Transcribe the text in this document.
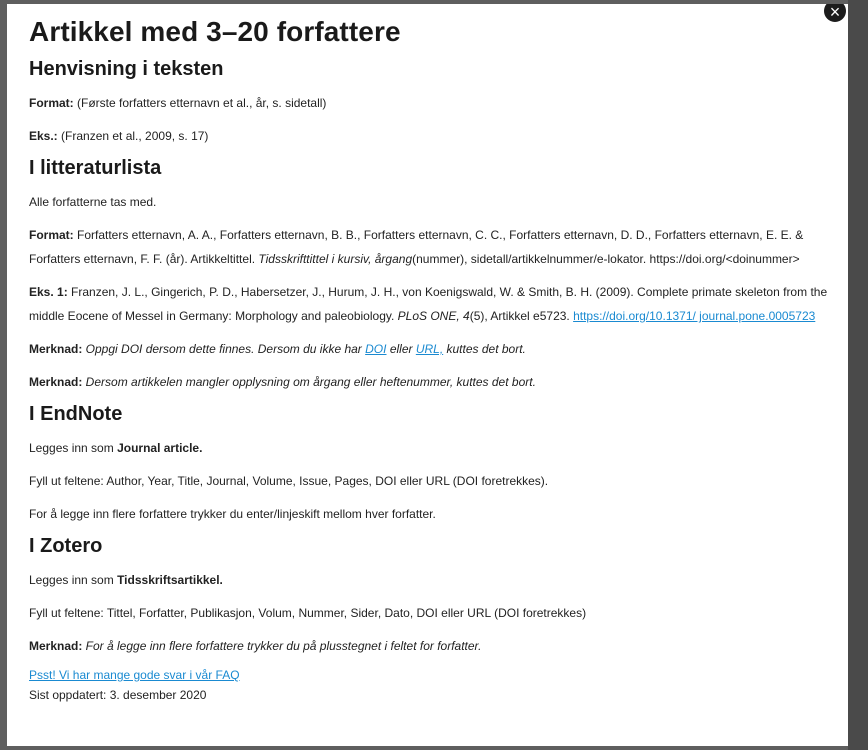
×
Artikkel med 3–20 forfattere
Henvisning i teksten

Format: (Første forfatters etternavn et al., år, s. sidetall)

Eks.: (Franzen et al., 2009, s. 17)

I litteraturlista

Alle forfatterne tas med.

Format: Forfatters etternavn, A. A., Forfatters etternavn, B. B., Forfatters etternavn, C. C., Forfatters etternavn, D. D., Forfatters etternavn, E. E. & Forfatters etternavn, F. F. (år). Artikkeltittel. Tidsskrifttittel i kursiv, årgang(nummer), sidetall/artikkelnummer/e-lokator. https://doi.org/<doinummer>

Eks. 1: Franzen, J. L., Gingerich, P. D., Habersetzer, J., Hurum, J. H., von Koenigswald, W. & Smith, B. H. (2009). Complete primate skeleton from the middle Eocene of Messel in Germany: Morphology and paleobiology. PLoS ONE, 4(5), Artikkel e5723. https://doi.org/10.1371/ journal.pone.0005723

Merknad: Oppgi DOI dersom dette finnes. Dersom du ikke har DOI eller URL, kuttes det bort.

Merknad: Dersom artikkelen mangler opplysning om årgang eller heftenummer, kuttes det bort.

I EndNote

Legges inn som Journal article.

Fyll ut feltene: Author, Year, Title, Journal, Volume, Issue, Pages, DOI eller URL (DOI foretrekkes).

For å legge inn flere forfattere trykker du enter/linjeskift mellom hver forfatter.

I Zotero

Legges inn som Tidsskriftsartikkel.

Fyll ut feltene: Tittel, Forfatter, Publikasjon, Volum, Nummer, Sider, Dato, DOI eller URL (DOI foretrekkes)

Merknad: For å legge inn flere forfattere trykker du på plusstegnet i feltet for forfatter.

Psst! Vi har mange gode svar i vår FAQ

Sist oppdatert: 3. desember 2020
